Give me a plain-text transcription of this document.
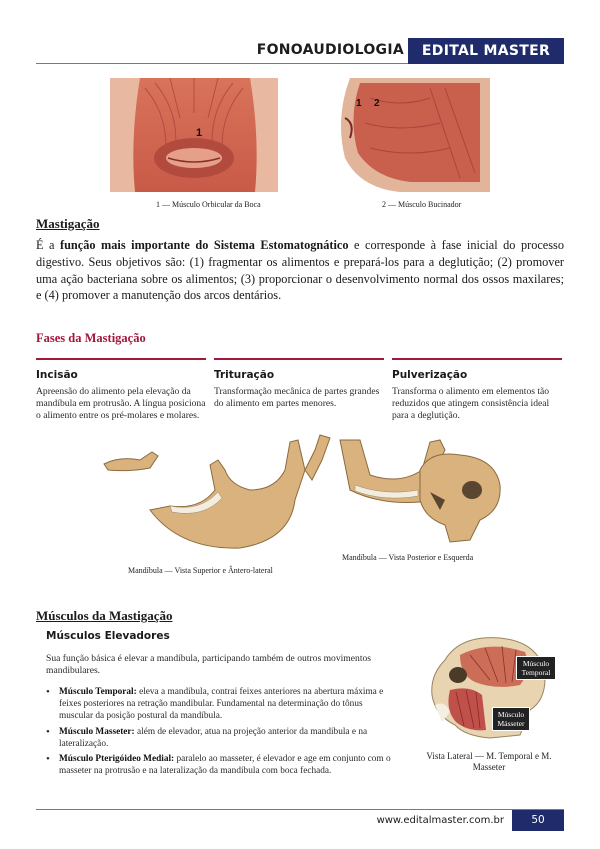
FONOAUDIOLOGIA	EDITAL MASTER
1
1 — Músculo Orbicular da Boca
1 2
2 — Músculo Bucinador
Mastigação
É a função mais importante do Sistema Estomatognático e corresponde à fase inicial do processo digestivo. Seus objetivos são: (1) fragmentar os alimentos e prepará-los para a deglutição; (2) promover uma ação bacteriana sobre os alimentos; (3) proporcionar o desenvolvimento normal dos ossos maxilares; e (4) promover a manutenção dos arcos dentários.
Fases da Mastigação
Incisão
Apreensão do alimento pela elevação da mandíbula em protrusão. A língua posiciona o alimento entre os pré-molares e molares.
Trituração
Transformação mecânica de partes grandes do alimento em partes menores.
Pulverização
Transforma o alimento em elementos tão reduzidos que atingem consistência ideal para a deglutição.
Mandíbula — Vista Posterior e Esquerda
Mandíbula — Vista Superior e Ântero-lateral
Músculos da Mastigação
Músculos Elevadores
Sua função básica é elevar a mandíbula, participando também de outros movimentos mandibulares.
• Músculo Temporal: eleva a mandíbula, contrai feixes anteriores na abertura máxima e feixes posteriores na retração mandibular. Fundamental na determinação do tônus muscular da posição postural da mandíbula.
• Músculo Masseter: além de elevador, atua na projeção anterior da mandíbula e na lateralização.
• Músculo Pterigóideo Medial: paralelo ao masseter, é elevador e age em conjunto com o masseter na protrusão e na lateralização da mandíbula com boca fechada.
Músculo Temporal
Músculo Másseter
Vista Lateral — M. Temporal e M. Masseter
www.editalmaster.com.br	50
